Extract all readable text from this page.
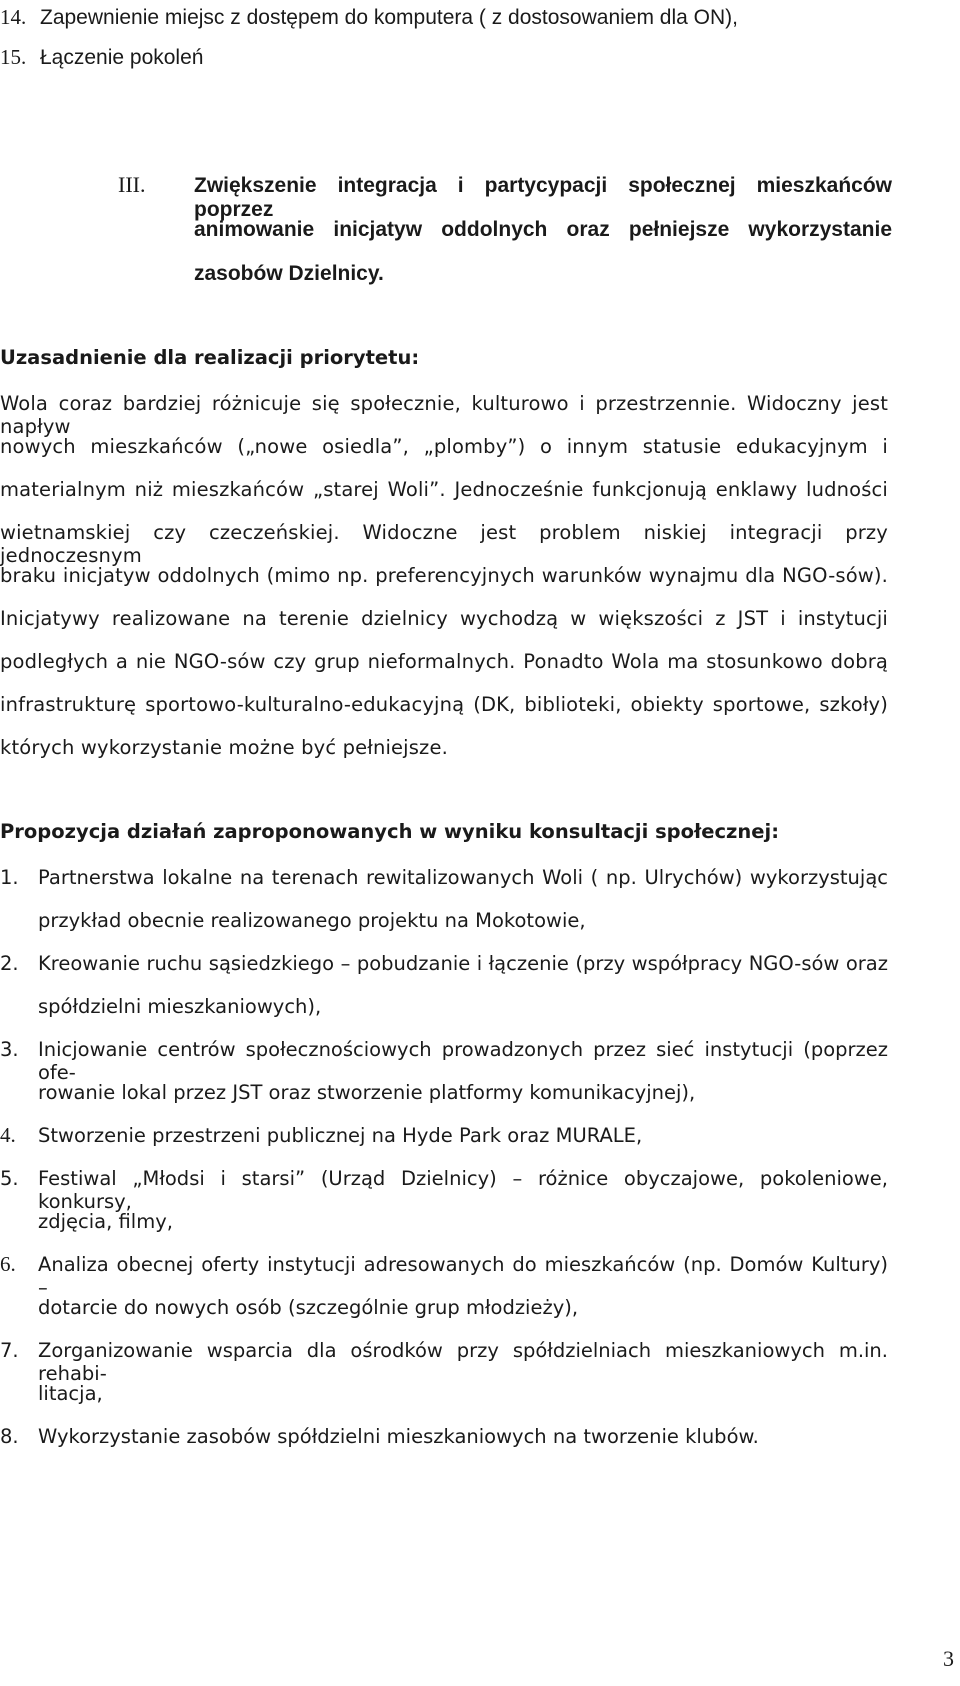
14. Zapewnienie miejsc z dostępem do komputera ( z dostosowaniem dla ON),
15. Łączenie pokoleń
III. Zwiększenie integracja i partycypacji społecznej mieszkańców poprzez
animowanie inicjatyw oddolnych oraz pełniejsze wykorzystanie
zasobów Dzielnicy.
Uzasadnienie dla realizacji priorytetu:
Wola coraz bardziej różnicuje się społecznie, kulturowo i przestrzennie. Widoczny jest napływ
nowych mieszkańców („nowe osiedla”, „plomby”) o innym statusie edukacyjnym i
materialnym niż mieszkańców „starej Woli”. Jednocześnie funkcjonują enklawy ludności
wietnamskiej czy czeczeńskiej. Widoczne jest problem niskiej integracji przy jednoczesnym
braku inicjatyw oddolnych (mimo np. preferencyjnych warunków wynajmu dla NGO-sów).
Inicjatywy realizowane na terenie dzielnicy wychodzą w większości z JST i instytucji
podległych a nie NGO-sów czy grup nieformalnych. Ponadto Wola ma stosunkowo dobrą
infrastrukturę sportowo-kulturalno-edukacyjną (DK, biblioteki, obiekty sportowe, szkoły)
których wykorzystanie możne być pełniejsze.
Propozycja działań zaproponowanych w wyniku konsultacji społecznej:
1. Partnerstwa lokalne na terenach rewitalizowanych Woli ( np. Ulrychów) wykorzystując
przykład obecnie realizowanego projektu na Mokotowie,
2. Kreowanie ruchu sąsiedzkiego – pobudzanie i łączenie (przy współpracy NGO-sów oraz
spółdzielni mieszkaniowych),
3. Inicjowanie centrów społecznościowych prowadzonych przez sieć instytucji (poprzez ofe-
rowanie lokal przez JST oraz stworzenie platformy komunikacyjnej),
4. Stworzenie przestrzeni publicznej na Hyde Park oraz MURALE,
5. Festiwal „Młodsi i starsi” (Urząd Dzielnicy) – różnice obyczajowe, pokoleniowe, konkursy,
zdjęcia, filmy,
6. Analiza obecnej oferty instytucji adresowanych do mieszkańców (np. Domów Kultury) –
dotarcie do nowych osób (szczególnie grup młodzieży),
7. Zorganizowanie wsparcia dla ośrodków przy spółdzielniach mieszkaniowych m.in. rehabi-
litacja,
8. Wykorzystanie zasobów spółdzielni mieszkaniowych na tworzenie klubów.
3
